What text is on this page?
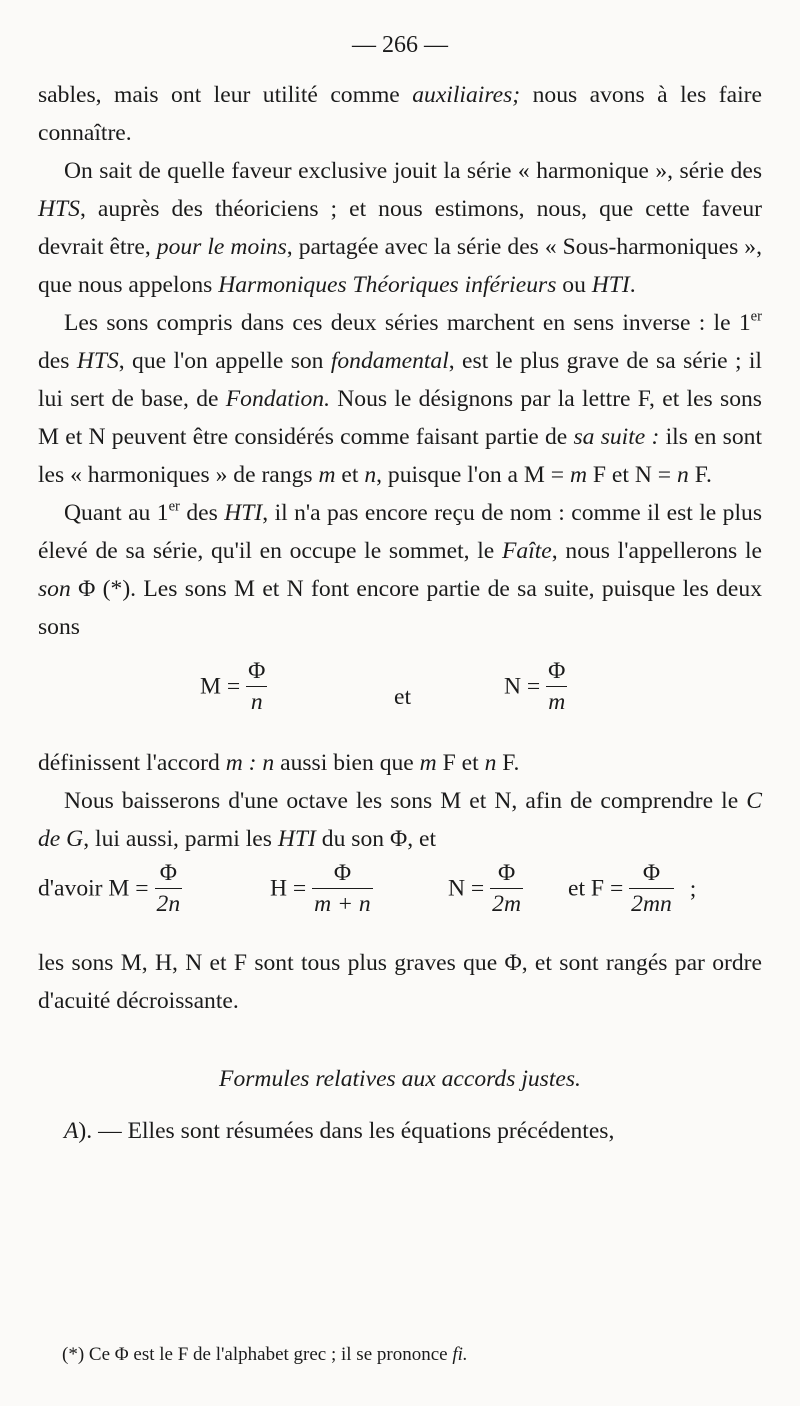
— 266 —

sables, mais ont leur utilité comme auxiliaires; nous avons à les faire connaître.

On sait de quelle faveur exclusive jouit la série « harmonique », série des HTS, auprès des théoriciens ; et nous estimons, nous, que cette faveur devrait être, pour le moins, partagée avec la série des « Sous-harmoniques », que nous appelons Harmoniques Théoriques inférieurs ou HTI.

Les sons compris dans ces deux séries marchent en sens inverse : le 1er des HTS, que l'on appelle son fondamental, est le plus grave de sa série ; il lui sert de base, de Fondation. Nous le désignons par la lettre F, et les sons M et N peuvent être considérés comme faisant partie de sa suite : ils en sont les « harmoniques » de rangs m et n, puisque l'on a M = m F et N = n F.

Quant au 1er des HTI, il n'a pas encore reçu de nom : comme il est le plus élevé de sa série, qu'il en occupe le sommet, le Faîte, nous l'appellerons le son Φ (*). Les sons M et N font encore partie de sa suite, puisque les deux sons

$M = \frac{\Phi}{n}$	et	$N = \frac{\Phi}{m}$

définissent l'accord m : n aussi bien que m F et n F.

Nous baisserons d'une octave les sons M et N, afin de comprendre le C de G, lui aussi, parmi les HTI du son Φ, et

d'avoir $M = \frac{\Phi}{2n}$	$H = \frac{\Phi}{m + n}$	$N = \frac{\Phi}{2m}$ et $F = \frac{\Phi}{2mn}$ ;

les sons M, H, N et F sont tous plus graves que Φ, et sont rangés par ordre d'acuité décroissante.

Formules relatives aux accords justes.

A). — Elles sont résumées dans les équations précédentes,

(*) Ce Φ est le F de l'alphabet grec ; il se prononce fi.
